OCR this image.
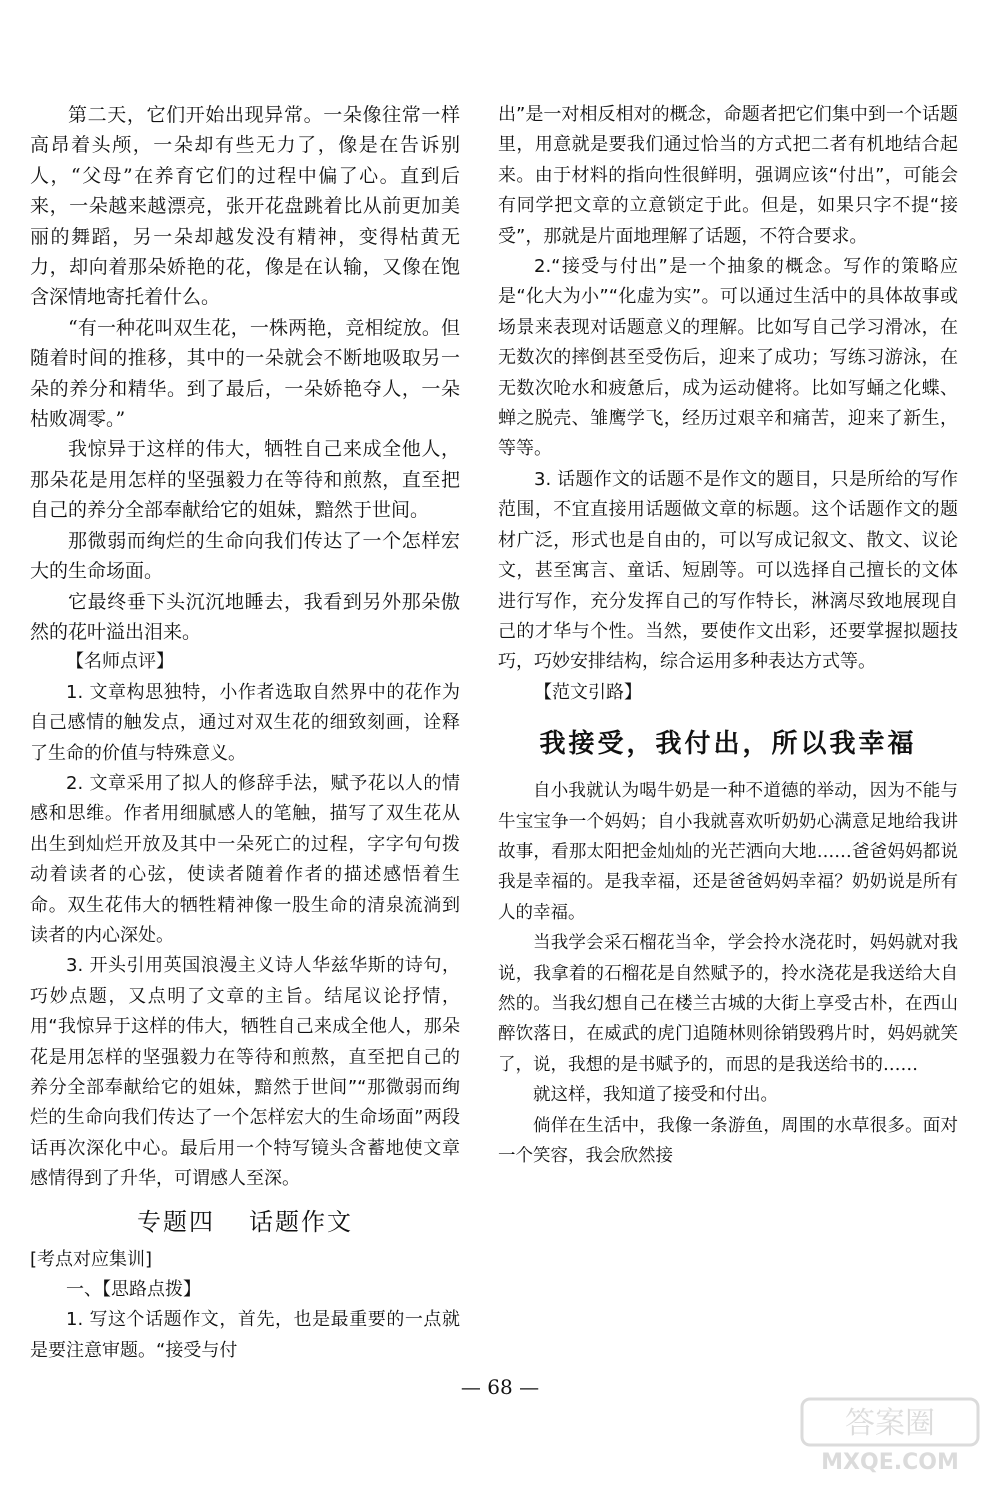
第二天，它们开始出现异常。一朵像往常一样高昂着头颅，一朵却有些无力了，像是在告诉别人，“父母”在养育它们的过程中偏了心。直到后来，一朵越来越漂亮，张开花盘跳着比从前更加美丽的舞蹈，另一朵却越发没有精神，变得枯黄无力，却向着那朵娇艳的花，像是在认输，又像在饱含深情地寄托着什么。

“有一种花叫双生花，一株两艳，竞相绽放。但随着时间的推移，其中的一朵就会不断地吸取另一朵的养分和精华。到了最后，一朵娇艳夺人，一朵枯败凋零。”

我惊异于这样的伟大，牺牲自己来成全他人，那朵花是用怎样的坚强毅力在等待和煎熬，直至把自己的养分全部奉献给它的姐妹，黯然于世间。

那微弱而绚烂的生命向我们传达了一个怎样宏大的生命场面。

它最终垂下头沉沉地睡去，我看到另外那朵傲然的花叶溢出泪来。

【名师点评】

1. 文章构思独特，小作者选取自然界中的花作为自己感情的触发点，通过对双生花的细致刻画，诠释了生命的价值与特殊意义。

2. 文章采用了拟人的修辞手法，赋予花以人的情感和思维。作者用细腻感人的笔触，描写了双生花从出生到灿烂开放及其中一朵死亡的过程，字字句句拨动着读者的心弦，使读者随着作者的描述感悟着生命。双生花伟大的牺牲精神像一股生命的清泉流淌到读者的内心深处。

3. 开头引用英国浪漫主义诗人华兹华斯的诗句，巧妙点题，又点明了文章的主旨。结尾议论抒情，用“我惊异于这样的伟大，牺牲自己来成全他人，那朵花是用怎样的坚强毅力在等待和煎熬，直至把自己的养分全部奉献给它的姐妹，黯然于世间”“那微弱而绚烂的生命向我们传达了一个怎样宏大的生命场面”两段话再次深化中心。最后用一个特写镜头含蓄地使文章感情得到了升华，可谓感人至深。

专题四 话题作文

[考点对应集训]

一、【思路点拨】

1. 写这个话题作文，首先，也是最重要的一点就是要注意审题。“接受与付

出”是一对相反相对的概念，命题者把它们集中到一个话题里，用意就是要我们通过恰当的方式把二者有机地结合起来。由于材料的指向性很鲜明，强调应该“付出”，可能会有同学把文章的立意锁定于此。但是，如果只字不提“接受”，那就是片面地理解了话题，不符合要求。

2.“接受与付出”是一个抽象的概念。写作的策略应是“化大为小”“化虚为实”。可以通过生活中的具体故事或场景来表现对话题意义的理解。比如写自己学习滑冰，在无数次的摔倒甚至受伤后，迎来了成功；写练习游泳，在无数次呛水和疲惫后，成为运动健将。比如写蛹之化蝶、蝉之脱壳、雏鹰学飞，经历过艰辛和痛苦，迎来了新生，等等。

3. 话题作文的话题不是作文的题目，只是所给的写作范围，不宜直接用话题做文章的标题。这个话题作文的题材广泛，形式也是自由的，可以写成记叙文、散文、议论文，甚至寓言、童话、短剧等。可以选择自己擅长的文体进行写作，充分发挥自己的写作特长，淋漓尽致地展现自己的才华与个性。当然，要使作文出彩，还要掌握拟题技巧，巧妙安排结构，综合运用多种表达方式等。

【范文引路】

我接受，我付出，所以我幸福

自小我就认为喝牛奶是一种不道德的举动，因为不能与牛宝宝争一个妈妈；自小我就喜欢听奶奶心满意足地给我讲故事，看那太阳把金灿灿的光芒洒向大地……爸爸妈妈都说我是幸福的。是我幸福，还是爸爸妈妈幸福？奶奶说是所有人的幸福。

当我学会采石榴花当伞，学会拎水浇花时，妈妈就对我说，我拿着的石榴花是自然赋予的，拎水浇花是我送给大自然的。当我幻想自己在楼兰古城的大街上享受古朴，在西山醉饮落日，在威武的虎门追随林则徐销毁鸦片时，妈妈就笑了，说，我想的是书赋予的，而思的是我送给书的……

就这样，我知道了接受和付出。

倘佯在生活中，我像一条游鱼，周围的水草很多。面对一个笑容，我会欣然接

— 68 —
答案圈
MXQE.COM
